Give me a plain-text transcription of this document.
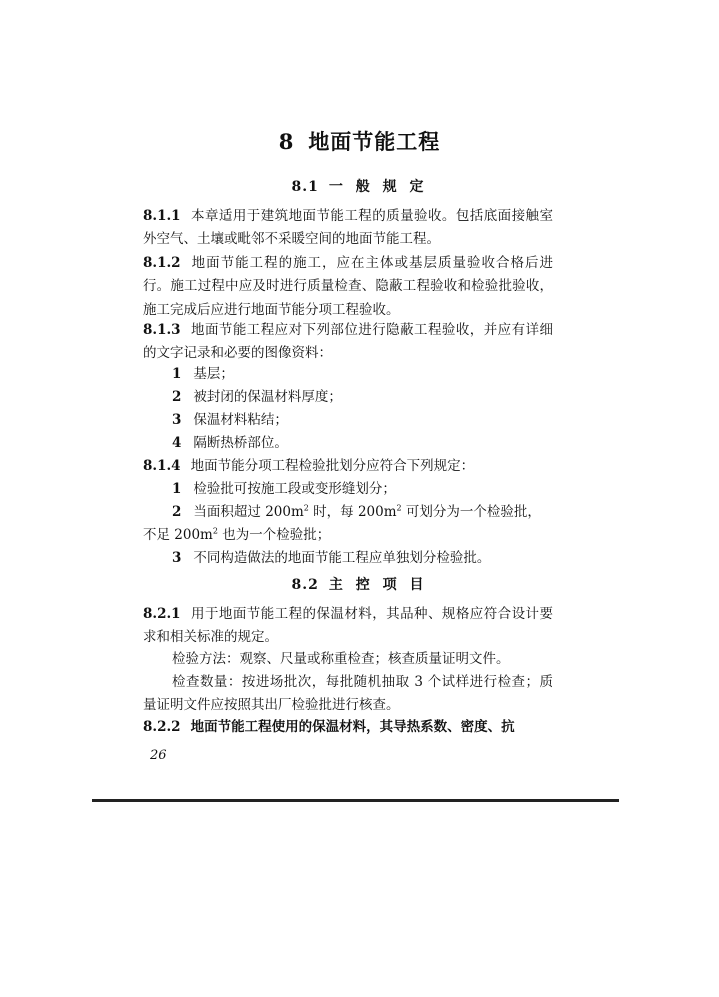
8 地面节能工程
8.1 一 般 规 定
8.1.1 本章适用于建筑地面节能工程的质量验收。包括底面接触室外空气、土壤或毗邻不采暖空间的地面节能工程。
8.1.2 地面节能工程的施工，应在主体或基层质量验收合格后进行。施工过程中应及时进行质量检查、隐蔽工程验收和检验批验收，施工完成后应进行地面节能分项工程验收。
8.1.3 地面节能工程应对下列部位进行隐蔽工程验收，并应有详细的文字记录和必要的图像资料：
1 基层；
2 被封闭的保温材料厚度；
3 保温材料粘结；
4 隔断热桥部位。
8.1.4 地面节能分项工程检验批划分应符合下列规定：
1 检验批可按施工段或变形缝划分；
2 当面积超过 $200m^2$ 时，每 $200m^2$ 可划分为一个检验批，
不足 $200m^2$ 也为一个检验批；
3 不同构造做法的地面节能工程应单独划分检验批。
8.2 主 控 项 目
8.2.1 用于地面节能工程的保温材料，其品种、规格应符合设计要求和相关标准的规定。
检验方法：观察、尺量或称重检查；核查质量证明文件。
检查数量：按进场批次，每批随机抽取 3 个试样进行检查；质量证明文件应按照其出厂检验批进行核查。
8.2.2 地面节能工程使用的保温材料，其导热系数、密度、抗
26
